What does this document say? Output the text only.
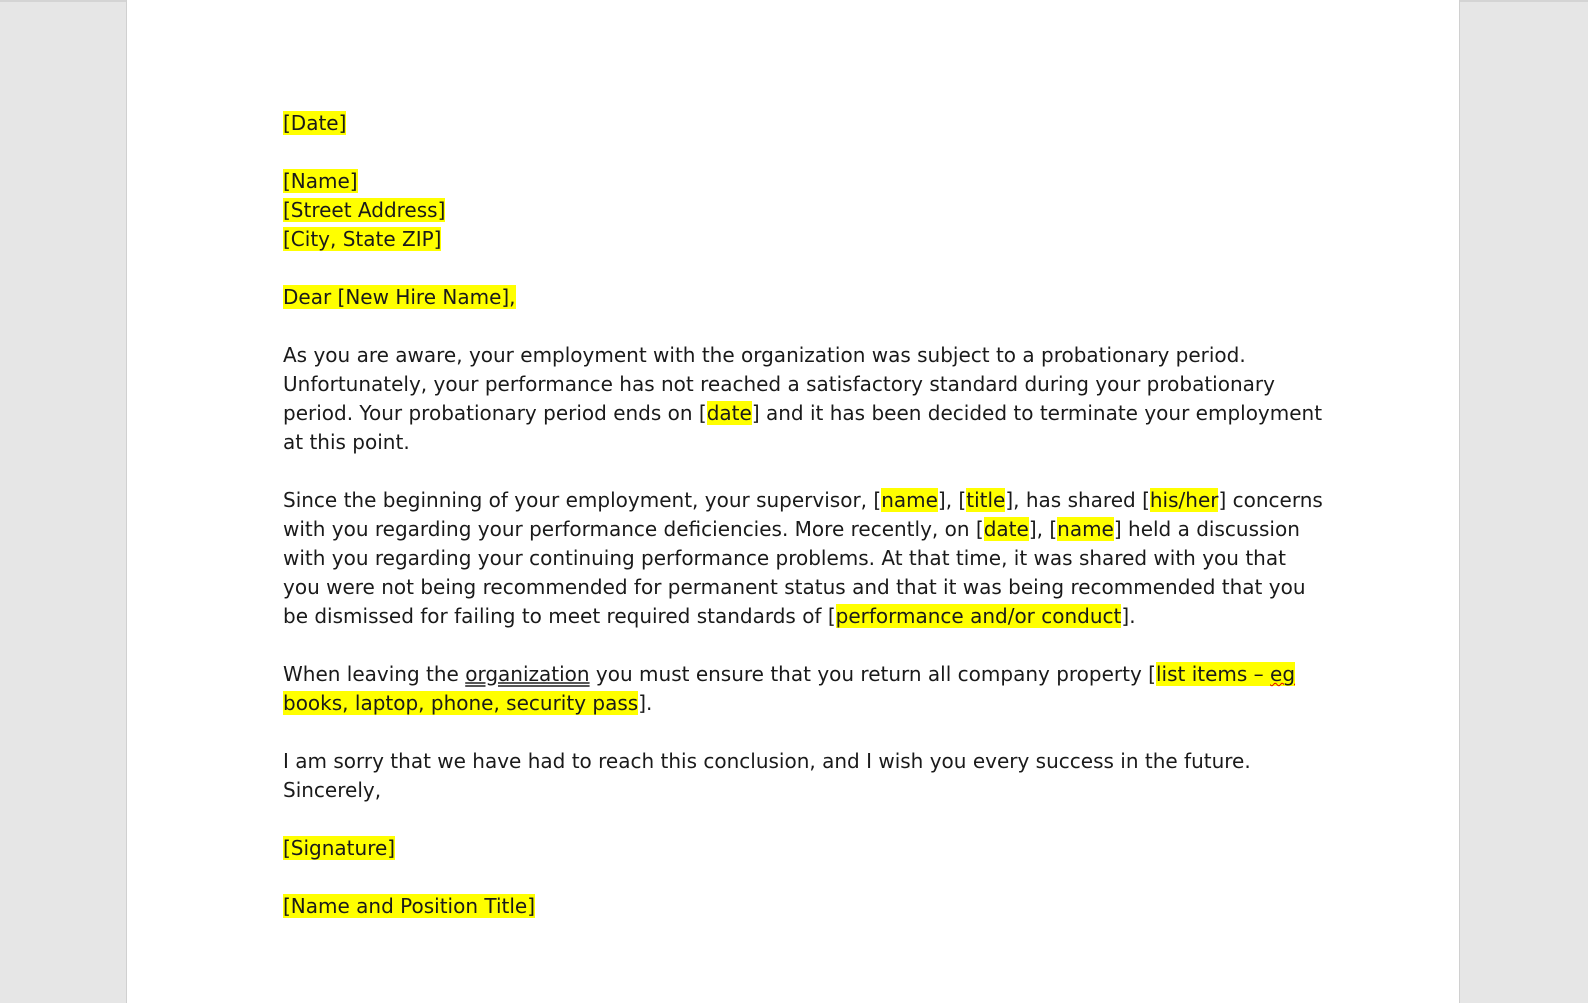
[Date]

[Name]

[Street Address]

[City, State ZIP]

Dear [New Hire Name],

As you are aware, your employment with the organization was subject to a probationary period. Unfortunately, your performance has not reached a satisfactory standard during your probationary period. Your probationary period ends on [date] and it has been decided to terminate your employment at this point.

Since the beginning of your employment, your supervisor, [name], [title], has shared [his/her] concerns with you regarding your performance deficiencies. More recently, on [date], [name] held a discussion with you regarding your continuing performance problems. At that time, it was shared with you that you were not being recommended for permanent status and that it was being recommended that you be dismissed for failing to meet required standards of [performance and/or conduct].

When leaving the organization you must ensure that you return all company property [list items – eg books, laptop, phone, security pass].

I am sorry that we have had to reach this conclusion, and I wish you every success in the future.

Sincerely,

[Signature]

[Name and Position Title]
